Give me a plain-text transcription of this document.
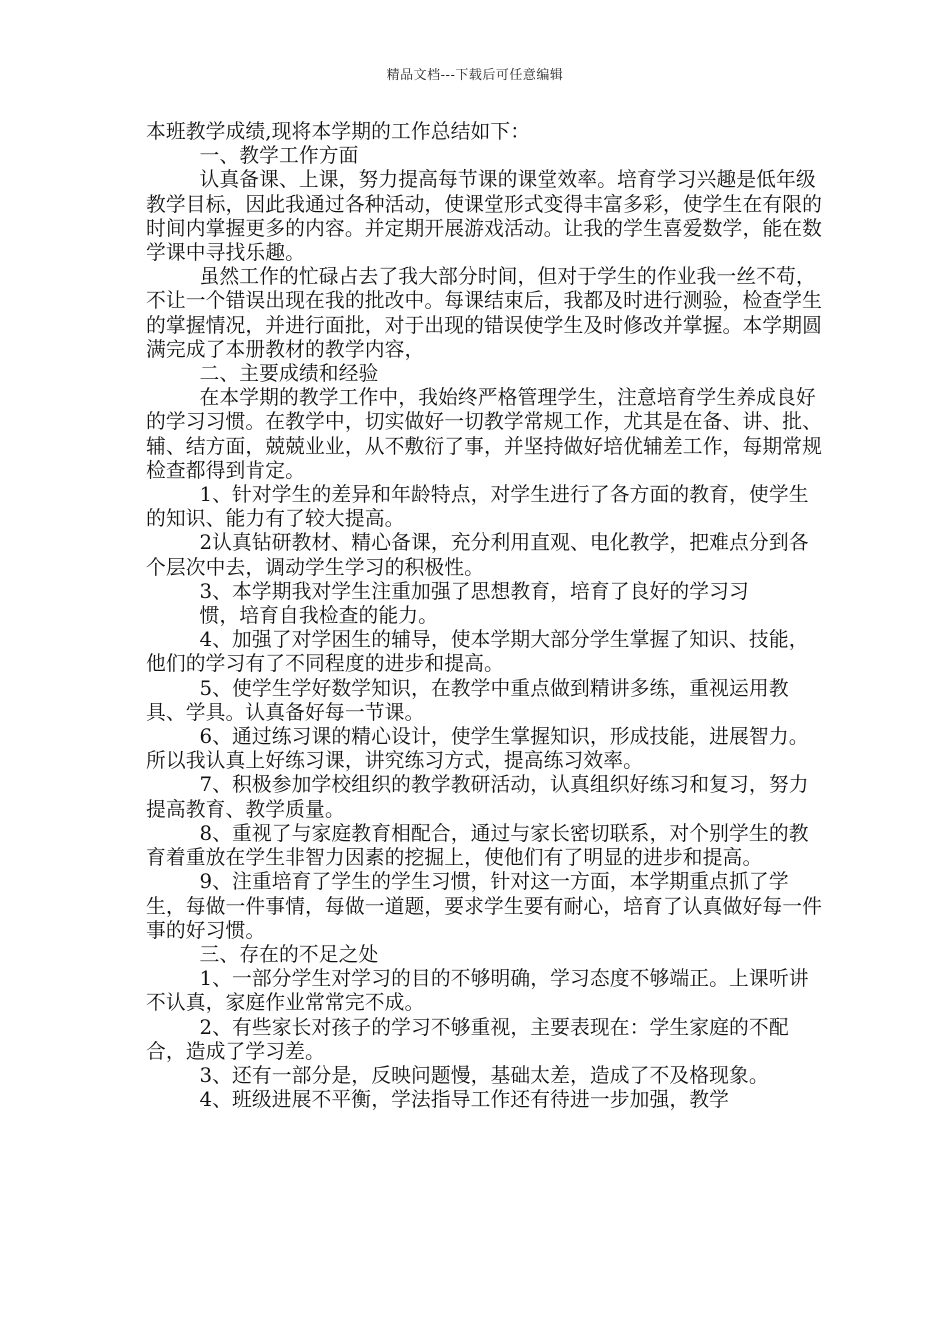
精品文档---下载后可任意编辑

本班教学成绩,现将本学期的工作总结如下：

一、教学工作方面

认真备课、上课，努力提高每节课的课堂效率。培育学习兴趣是低年级教学目标，因此我通过各种活动，使课堂形式变得丰富多彩，使学生在有限的时间内掌握更多的内容。并定期开展游戏活动。让我的学生喜爱数学，能在数学课中寻找乐趣。

虽然工作的忙碌占去了我大部分时间，但对于学生的作业我一丝不苟，不让一个错误出现在我的批改中。每课结束后，我都及时进行测验，检查学生的掌握情况，并进行面批，对于出现的错误使学生及时修改并掌握。本学期圆满完成了本册教材的教学内容，

二、主要成绩和经验

在本学期的教学工作中，我始终严格管理学生，注意培育学生养成良好的学习习惯。在教学中，切实做好一切教学常规工作，尤其是在备、讲、批、辅、结方面，兢兢业业，从不敷衍了事，并坚持做好培优辅差工作，每期常规检查都得到肯定。

1、针对学生的差异和年龄特点，对学生进行了各方面的教育，使学生的知识、能力有了较大提高。

2认真钻研教材、精心备课，充分利用直观、电化教学，把难点分到各个层次中去，调动学生学习的积极性。

3、本学期我对学生注重加强了思想教育，培育了良好的学习习

惯，培育自我检查的能力。

4、加强了对学困生的辅导，使本学期大部分学生掌握了知识、技能，他们的学习有了不同程度的进步和提高。

5、使学生学好数学知识，在教学中重点做到精讲多练，重视运用教具、学具。认真备好每一节课。

6、通过练习课的精心设计，使学生掌握知识，形成技能，进展智力。所以我认真上好练习课，讲究练习方式，提高练习效率。

7、积极参加学校组织的教学教研活动，认真组织好练习和复习，努力提高教育、教学质量。

8、重视了与家庭教育相配合，通过与家长密切联系，对个别学生的教育着重放在学生非智力因素的挖掘上，使他们有了明显的进步和提高。

9、注重培育了学生的学生习惯，针对这一方面，本学期重点抓了学生，每做一件事情，每做一道题，要求学生要有耐心，培育了认真做好每一件事的好习惯。

三、存在的不足之处

1、一部分学生对学习的目的不够明确，学习态度不够端正。上课听讲不认真，家庭作业常常完不成。

2、有些家长对孩子的学习不够重视，主要表现在：学生家庭的不配合，造成了学习差。

3、还有一部分是，反映问题慢，基础太差，造成了不及格现象。

4、班级进展不平衡，学法指导工作还有待进一步加强，教学
